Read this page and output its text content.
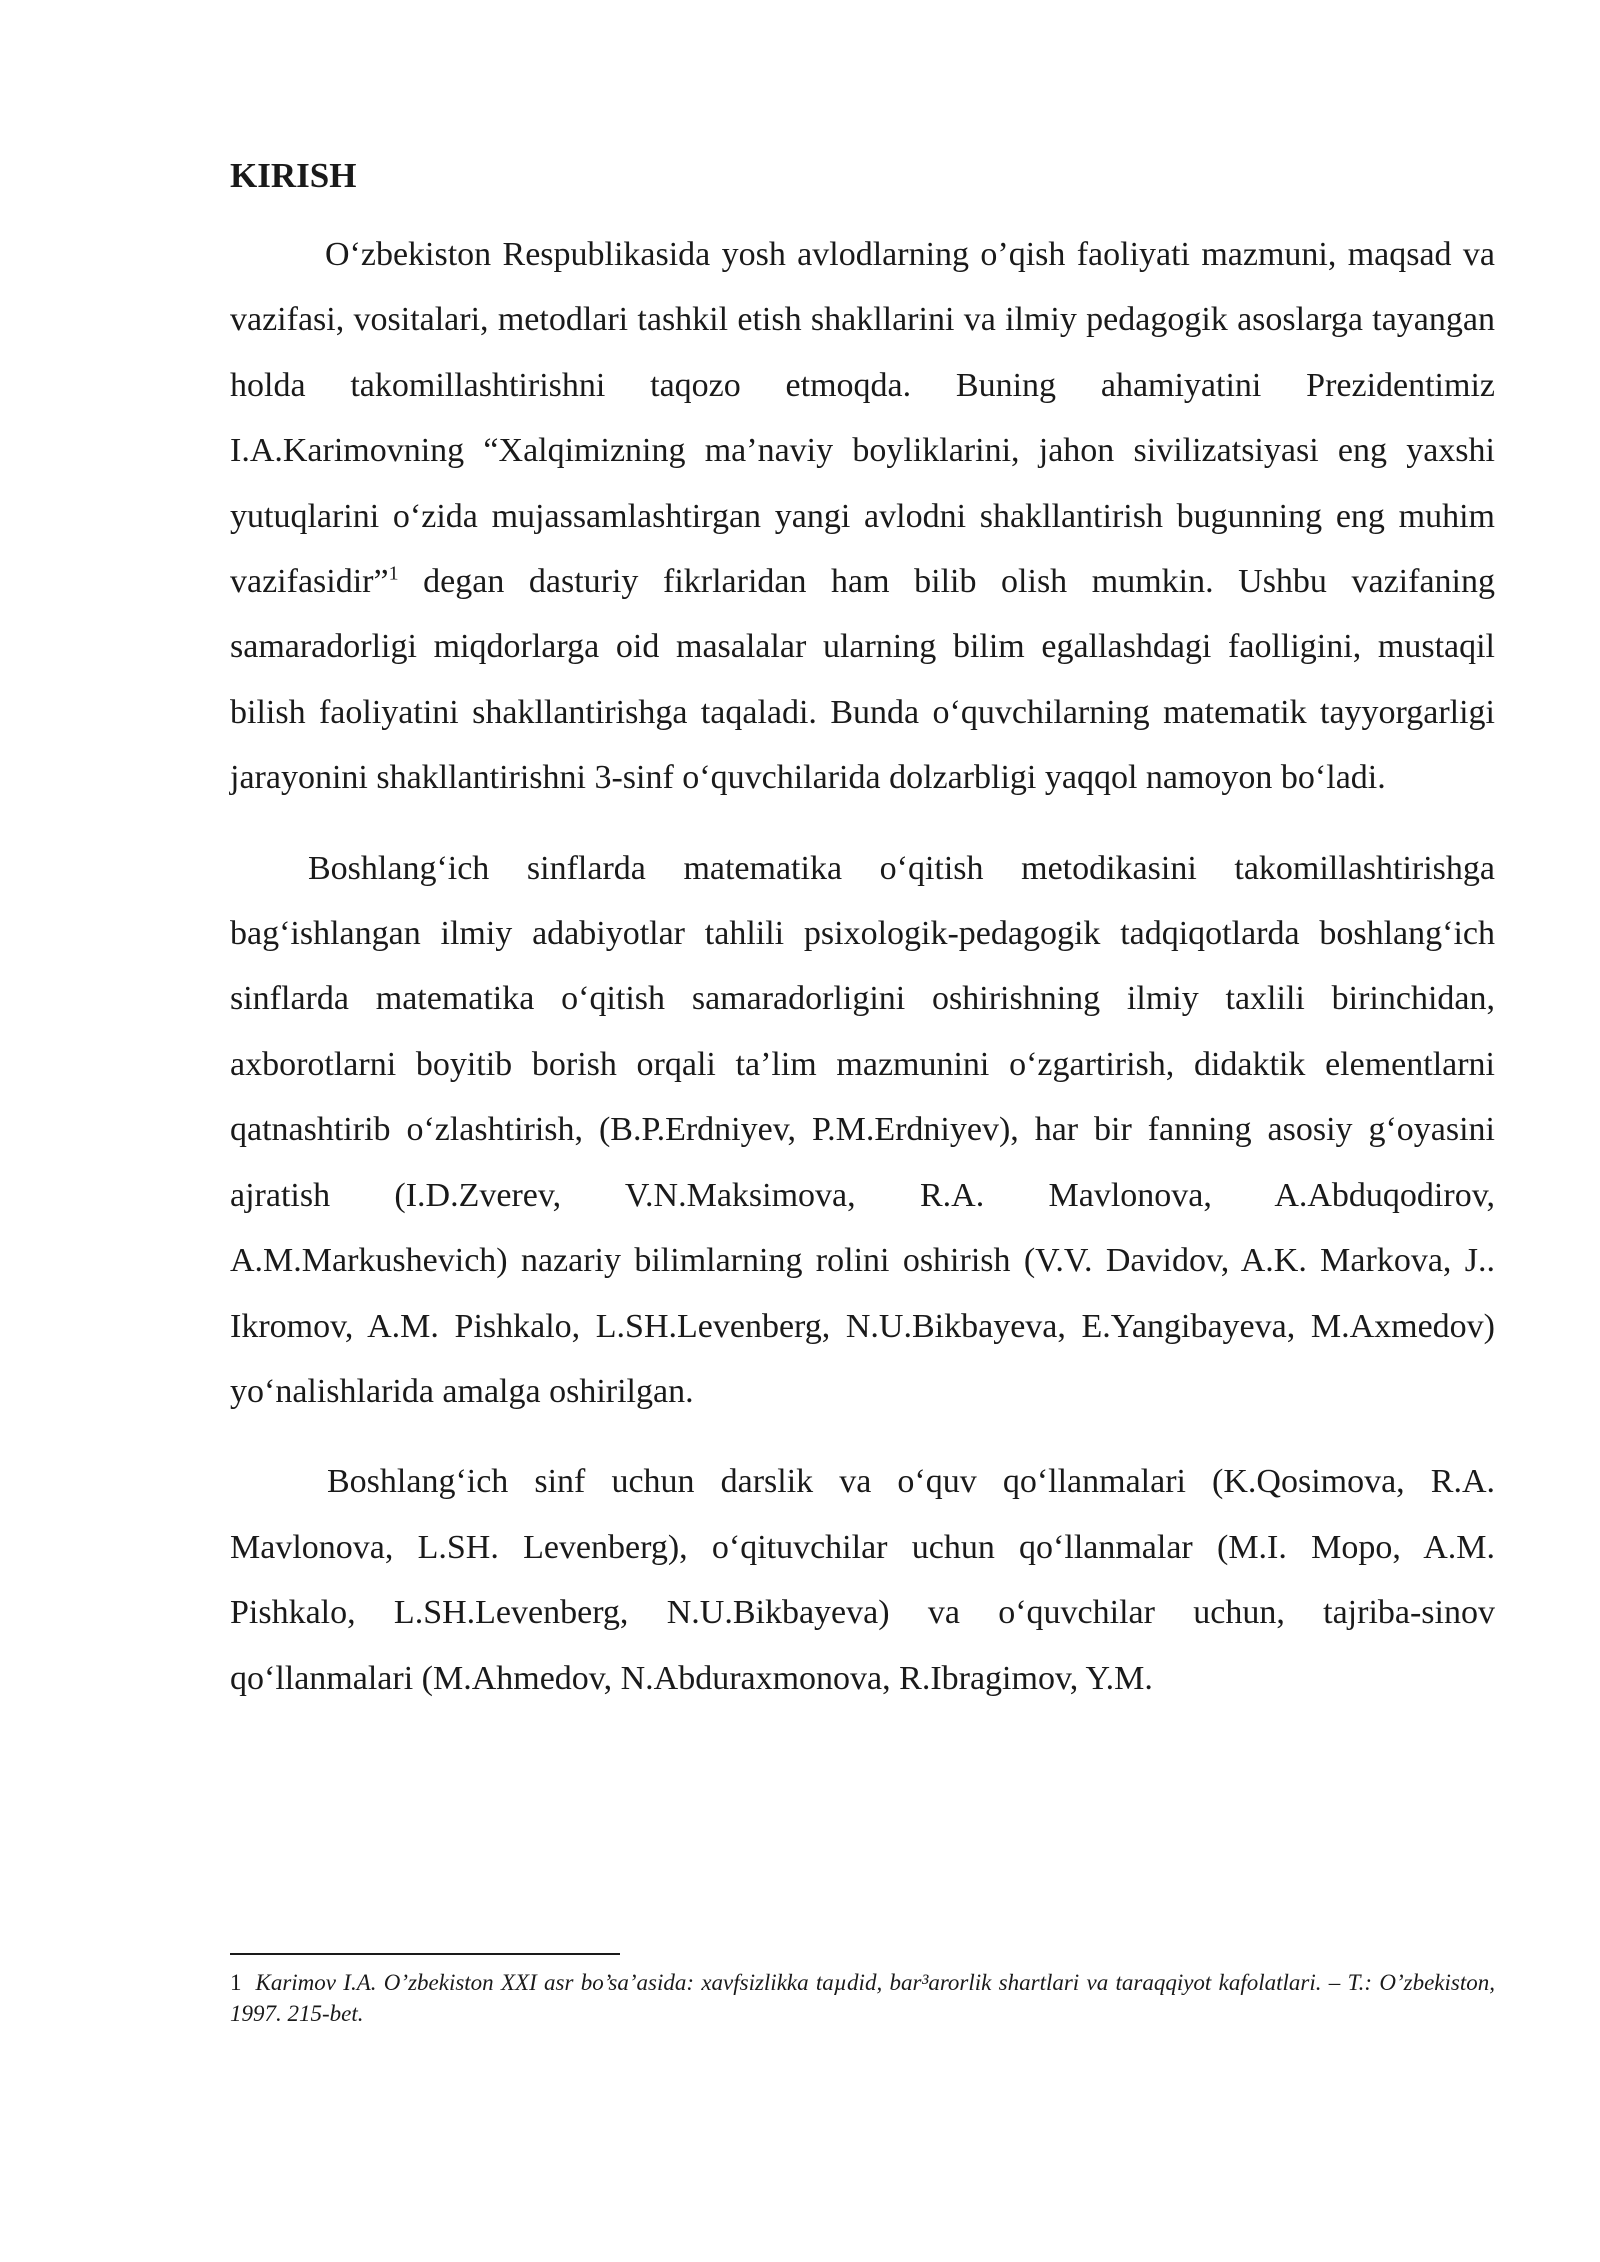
KIRISH

O‘zbekiston Respublikasida yosh avlodlarning o’qish faoliyati mazmuni, maqsad va vazifasi, vositalari, metodlari tashkil etish shakllarini va ilmiy pedagogik asoslarga tayangan holda takomillashtirishni taqozo etmoqda. Buning ahamiyatini Prezidentimiz I.A.Karimovning “Xalqimizning ma’naviy boyliklarini, jahon sivilizatsiyasi eng yaxshi yutuqlarini o‘zida mujassamlashtirgan yangi avlodni shakllantirish bugunning eng muhim vazifasidir”$^1$ degan dasturiy fikrlaridan ham bilib olish mumkin. Ushbu vazifaning samaradorligi miqdorlarga oid masalalar ularning bilim egallashdagi faolligini, mustaqil bilish faoliyatini shakllantirishga taqaladi. Bunda o‘quvchilarning matematik tayyorgarligi jarayonini shakllantirishni 3-sinf o‘quvchilarida dolzarbligi yaqqol namoyon bo‘ladi.

Boshlang‘ich sinflarda matematika o‘qitish metodikasini takomillashtirishga bag‘ishlangan ilmiy adabiyotlar tahlili psixologik-pedagogik tadqiqotlarda boshlang‘ich sinflarda matematika o‘qitish samaradorligini oshirishning ilmiy taxlili birinchidan, axborotlarni boyitib borish orqali ta’lim mazmunini o‘zgartirish, didaktik elementlarni qatnashtirib o‘zlashtirish, (B.P.Erdniyev, P.M.Erdniyev), har bir fanning asosiy g‘oyasini ajratish (I.D.Zverev, V.N.Maksimova, R.A. Mavlonova, A.Abduqodirov, A.M.Markushevich) nazariy bilimlarning rolini oshirish (V.V. Davidov, A.K. Markova, J.. Ikromov, A.M. Pishkalo, L.SH.Levenberg, N.U.Bikbayeva, E.Yangibayeva, M.Axmedov) yo‘nalishlarida amalga oshirilgan.

Boshlang‘ich sinf uchun darslik va o‘quv qo‘llanmalari (K.Qosimova, R.A. Mavlonova, L.SH. Levenberg), o‘qituvchilar uchun qo‘llanmalar (M.I. Mopo, A.M. Pishkalo, L.SH.Levenberg, N.U.Bikbayeva) va o‘quvchilar uchun, tajriba-sinov qo‘llanmalari (M.Ahmedov, N.Abduraxmonova, R.Ibragimov, Y.M.

1 Karimov I.A. O’zbekiston XXI asr bo’sa’asida: xavfsizlikka taµdid, bar³arorlik shartlari va taraqqiyot kafolatlari. – T.: O’zbekiston, 1997. 215-bet.
